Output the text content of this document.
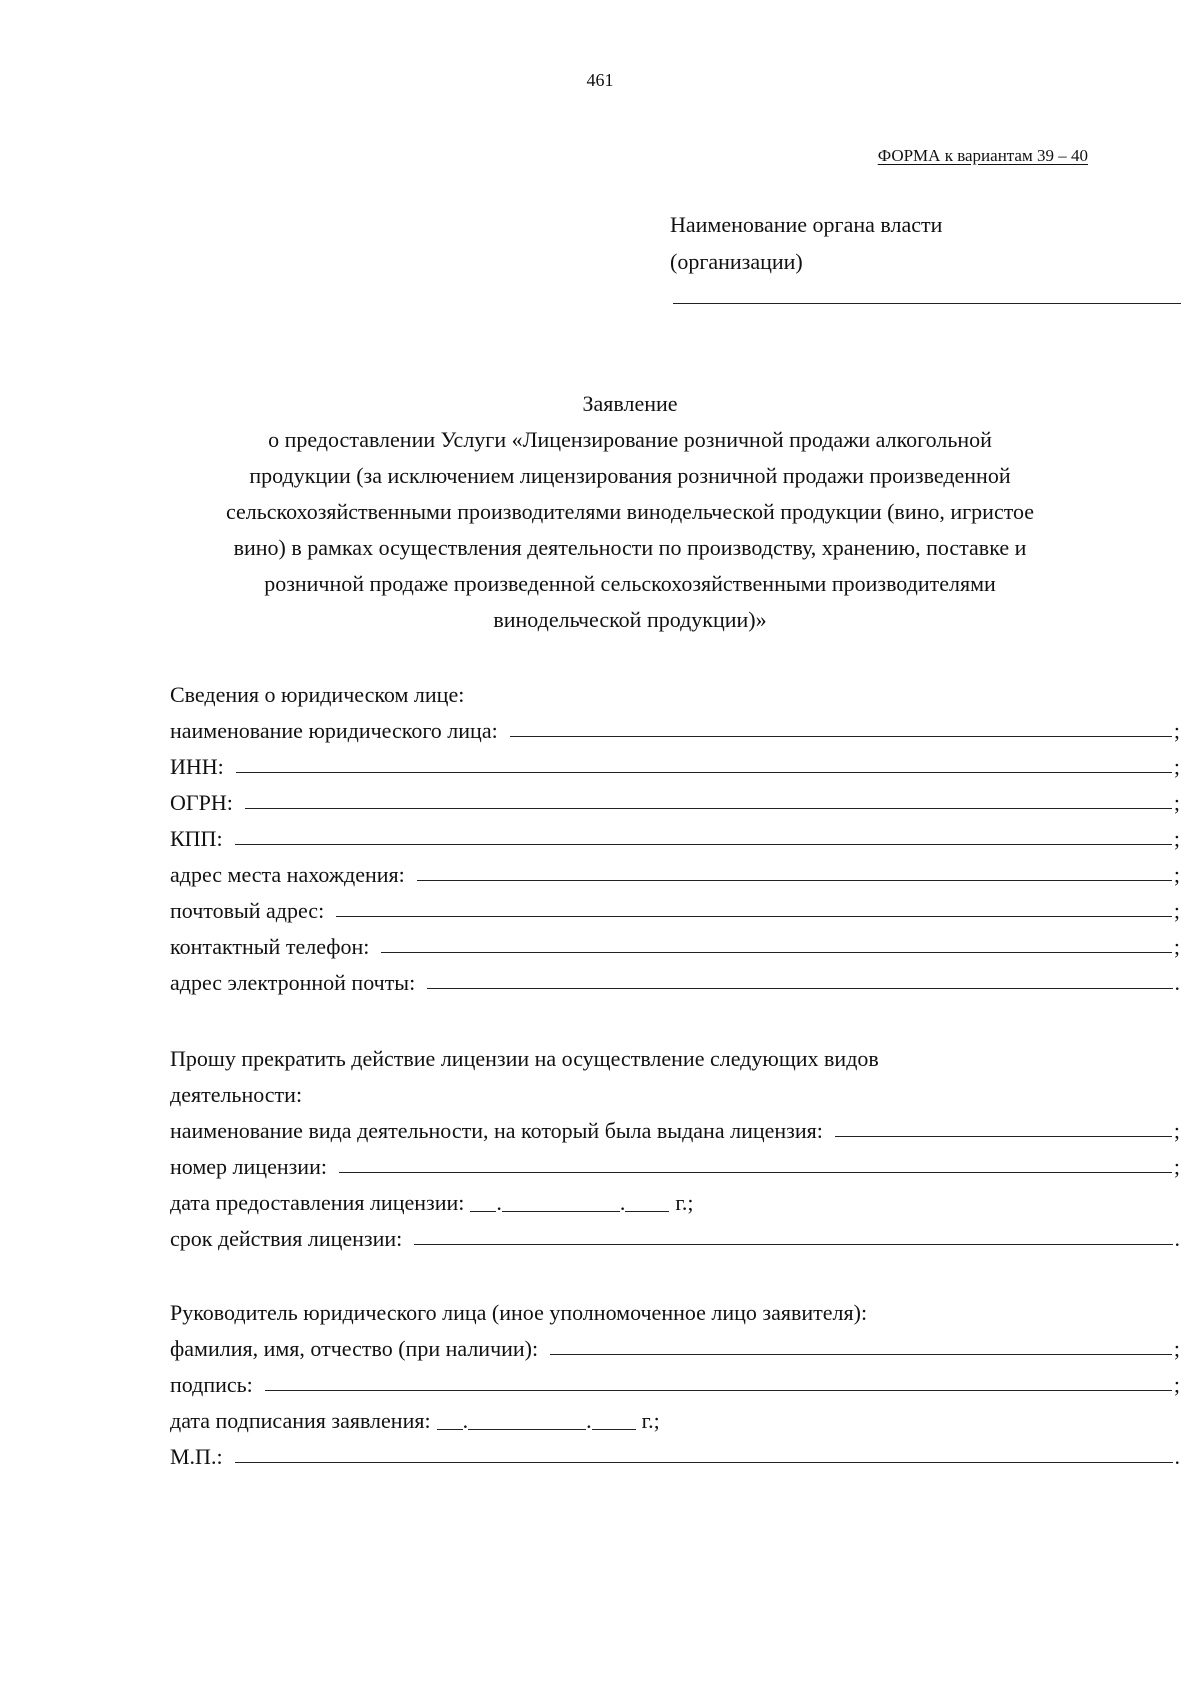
461
ФОРМА к вариантам 39 – 40
Наименование органа власти
(организации)
Заявление
о предоставлении Услуги «Лицензирование розничной продажи алкогольной
продукции (за исключением лицензирования розничной продажи произведенной
сельскохозяйственными производителями винодельческой продукции (вино, игристое
вино) в рамках осуществления деятельности по производству, хранению, поставке и
розничной продаже произведенной сельскохозяйственными производителями
винодельческой продукции)»
Сведения о юридическом лице:
наименование юридического лица:	;
ИНН:	;
ОГРН:	;
КПП:	;
адрес места нахождения:	;
почтовый адрес:	;
контактный телефон:	;
адрес электронной почты:	.
Прошу прекратить действие лицензии на осуществление следующих видов
деятельности:
наименование вида деятельности, на который была выдана лицензия:	;
номер лицензии:	;
дата предоставления лицензии: .	. г.;
срок действия лицензии:	.
Руководитель юридического лица (иное уполномоченное лицо заявителя):
фамилия, имя, отчество (при наличии):	;
подпись:	;
дата подписания заявления: .	. г.;
М.П.:	.
